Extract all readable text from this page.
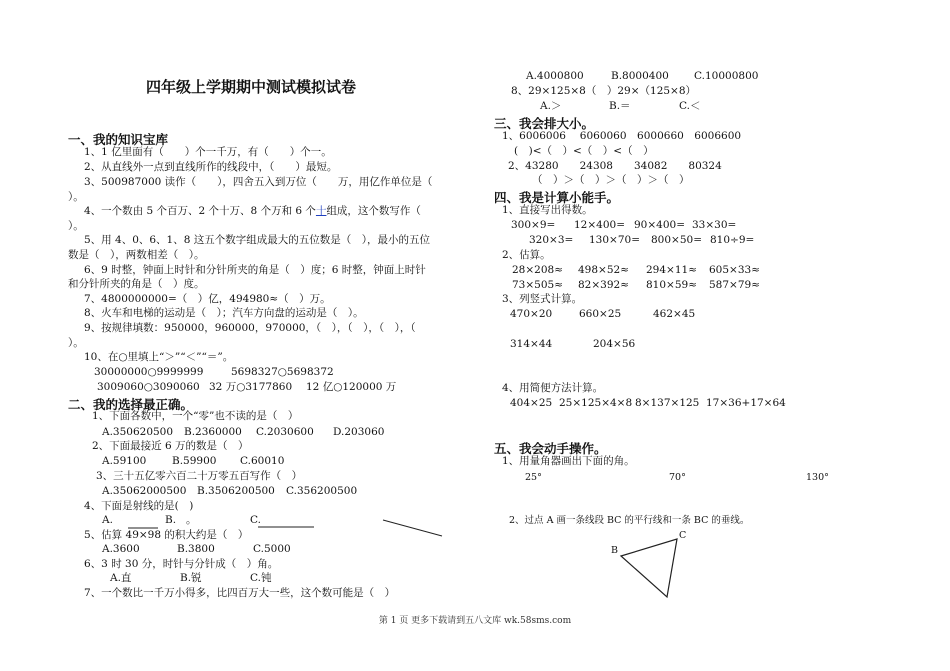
四年级上学期期中测试模拟试卷
一、我的知识宝库
1、1 亿里面有（　　）个一千万，有（　　）个一。
2、从直线外一点到直线所作的线段中，（　　）最短。
3、500987000 读作（　　），四舍五入到万位（　　万，用亿作单位是（
）。
4、一个数由 5 个百万、2 个十万、8 个万和 6 个十组成，这个数写作（
）。
5、用 4、0、6、1、8 这五个数字组成最大的五位数是（　），最小的五位
数是（　），两数相差（　）。
6、9 时整，钟面上时针和分针所夹的角是（　）度；6 时整，钟面上时针
和分针所夹的角是（　）度。
7、4800000000=（　）亿，494980≈（　）万。
8、火车和电梯的运动是（　）；汽车方向盘的运动是（　）。
9、按规律填数：950000，960000，970000，（　），（　），（　），（
）。
10、在○里填上“＞”“＜”“＝”。
30000000○9999999	5698327○5698372
3009060○3090060 32 万○3177860 12 亿○120000 万
二、我的选择最正确。
1、下面各数中，一个“零”也不读的是（　）
A.350620500 B.2360000 C.2030600 D.203060
2、下面最接近 6 万的数是（　）
A.59100 B.59900 C.60010
3、三十五亿零六百二十万零五百写作（　）
A.35062000500 B.3506200500 C.356200500
4、下面是射线的是(　)
A.	B. 。	C.
5、估算 49×98 的积大约是（　）
A.3600	B.3800	C.5000
6、3 时 30 分，时针与分针成（　）角。
A.直	B.锐	C.钝
7、一个数比一千万小得多，比四百万大一些，这个数可能是（　）
A.4000800	B.8000400 C.10000800
8、29×125×8（　）29×（125×8）
A.＞	B.＝	C.＜
三、我会排大小。
1、6006006　 6060060　6000660　6006600
(　)<（　）<（　）<（　）
2、43280　　24308　　34082　　80324
（　）＞（　）＞（　）＞（　）
四、我是计算小能手。
1、直接写出得数。
300×9= 12×400= 90×400= 33×30=
320×3= 130×70= 800×50= 810÷9=
2、估算。
28×208≈ 498×52≈ 294×11≈ 605×33≈
73×505≈ 82×392≈ 810×59≈ 587×79≈
3、列竖式计算。
470×20	660×25	462×45
314×44	204×56
4、用简便方法计算。
404×25 25×125×4×8 8×137×125 17×36+17×64
五、我会动手操作。
1、用量角器画出下面的角。
25°	70°	130°
2、过点 A 画一条线段 BC 的平行线和一条 BC 的垂线。
B
C
第 1 页 更多下载请到五八文库 wk.58sms.com
